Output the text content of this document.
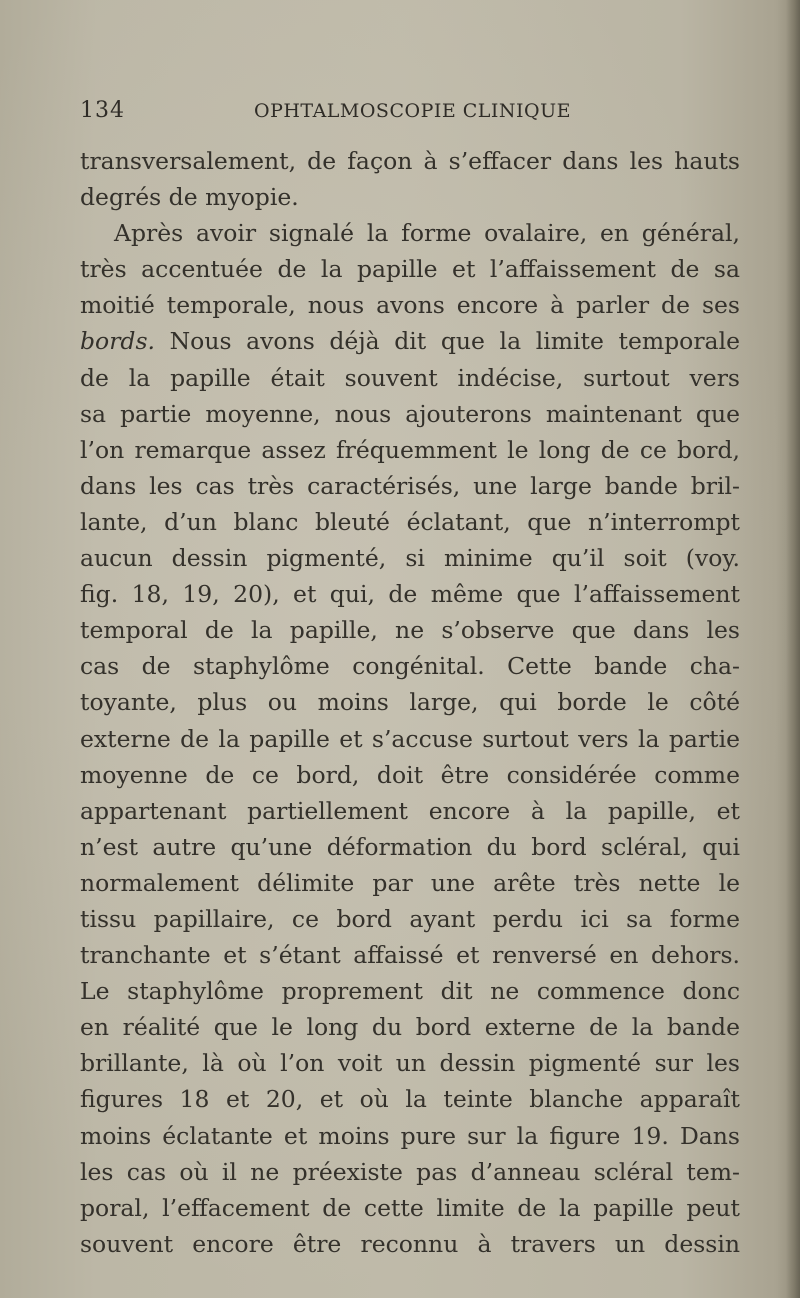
134	OPHTALMOSCOPIE CLINIQUE
transversalement, de façon à s’effacer dans les hauts
degrés de myopie.
Après avoir signalé la forme ovalaire, en général,
très accentuée de la papille et l’affaissement de sa
moitié temporale, nous avons encore à parler de ses
bords. Nous avons déjà dit que la limite temporale
de la papille était souvent indécise, surtout vers
sa partie moyenne, nous ajouterons maintenant que
l’on remarque assez fréquemment le long de ce bord,
dans les cas très caractérisés, une large bande bril-
lante, d’un blanc bleuté éclatant, que n’interrompt
aucun dessin pigmenté, si minime qu’il soit (voy.
fig. 18, 19, 20), et qui, de même que l’affaissement
temporal de la papille, ne s’observe que dans les
cas de staphylôme congénital. Cette bande cha-
toyante, plus ou moins large, qui borde le côté
externe de la papille et s’accuse surtout vers la partie
moyenne de ce bord, doit être considérée comme
appartenant partiellement encore à la papille, et
n’est autre qu’une déformation du bord scléral, qui
normalement délimite par une arête très nette le
tissu papillaire, ce bord ayant perdu ici sa forme
tranchante et s’étant affaissé et renversé en dehors.
Le staphylôme proprement dit ne commence donc
en réalité que le long du bord externe de la bande
brillante, là où l’on voit un dessin pigmenté sur les
figures 18 et 20, et où la teinte blanche apparaît
moins éclatante et moins pure sur la figure 19. Dans
les cas où il ne préexiste pas d’anneau scléral tem-
poral, l’effacement de cette limite de la papille peut
souvent encore être reconnu à travers un dessin
